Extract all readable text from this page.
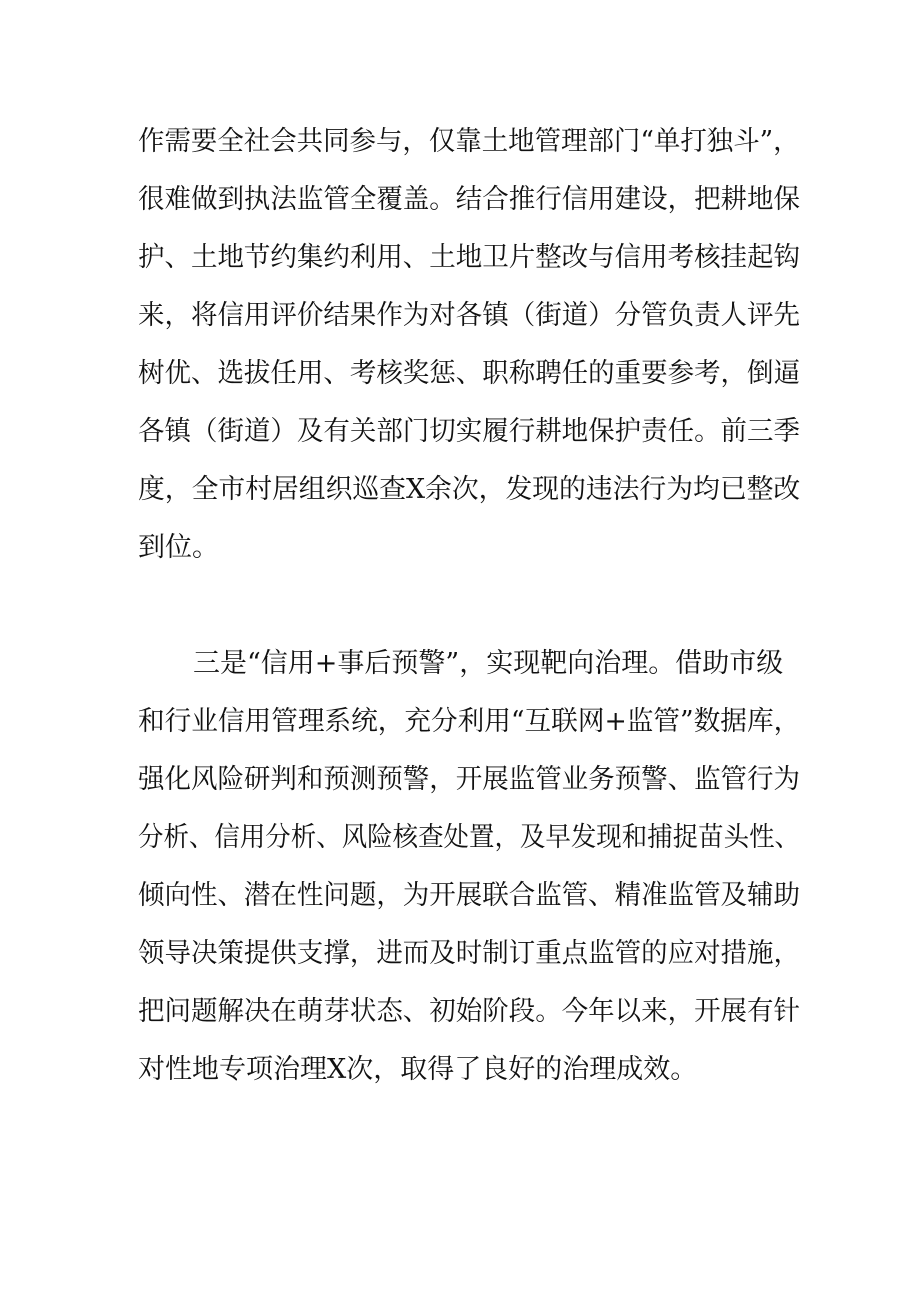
作需要全社会共同参与，仅靠土地管理部门“单打独斗”，
很难做到执法监管全覆盖。结合推行信用建设，把耕地保
护、土地节约集约利用、土地卫片整改与信用考核挂起钩
来，将信用评价结果作为对各镇（街道）分管负责人评先
树优、选拔任用、考核奖惩、职称聘任的重要参考，倒逼
各镇（街道）及有关部门切实履行耕地保护责任。前三季
度，全市村居组织巡查X余次，发现的违法行为均已整改
到位。
三是“信用+事后预警”，实现靶向治理。借助市级
和行业信用管理系统，充分利用“互联网+监管”数据库，
强化风险研判和预测预警，开展监管业务预警、监管行为
分析、信用分析、风险核查处置，及早发现和捕捉苗头性、
倾向性、潜在性问题，为开展联合监管、精准监管及辅助
领导决策提供支撑，进而及时制订重点监管的应对措施，
把问题解决在萌芽状态、初始阶段。今年以来，开展有针
对性地专项治理X次，取得了良好的治理成效。
